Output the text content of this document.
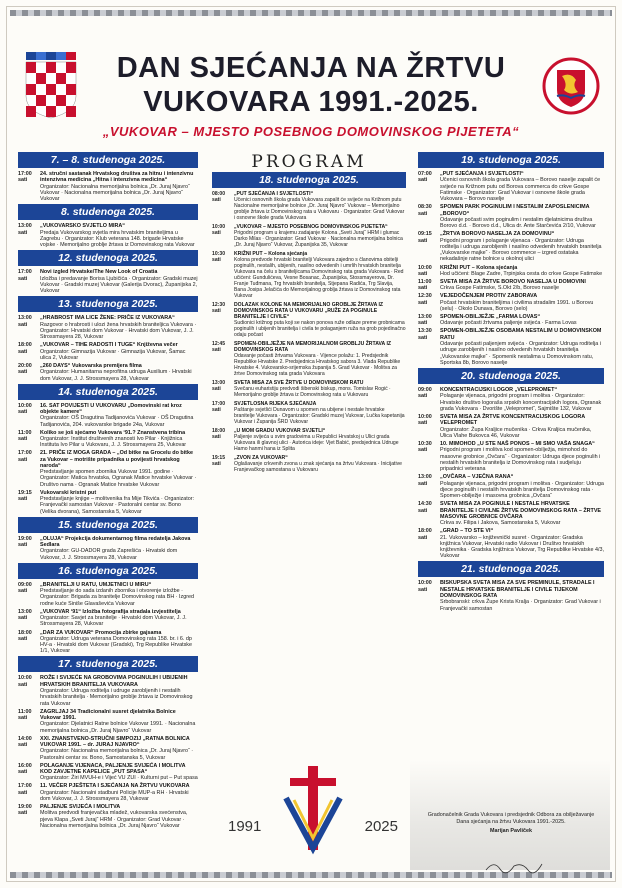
DAN SJEĆANJA NA ŽRTVU
VUKOVARA 1991.-2025.
„VUKOVAR – MJESTO POSEBNOG DOMOVINSKOG PIJETETA“
7. – 8. studenoga 2025.
17:00 sati
24. stručni sastanak Hrvatskog društva za hitnu i intenzivnu intenzivna medicina „Hitna i intenzivna medicina“
Organizator: Nacionalna memorijalna bolnica „Dr. Juraj Njavro“ Vukovar · Nacionalna memorijalna bolnica „Dr. Juraj Njavro“ Vukovar
8. studenoga 2025.
13:00 sati
„VUKOVARSKO SVJETLO MIRA“
Predaja Vukovarskog svjetla mira hrvatskim braniteljima u Zagrebu · Organizator: Klub veterana 148. brigade Hrvatske vojske · Memorijalno groblje žrtava iz Domovinskog rata Vukovar
12. studenoga 2025.
17:00 sati
Novi izgled Hrvatske/The New Look of Croatia
Izložba i predavanje Borisa Ljubičića · Organizator: Gradski muzej Vukovar · Gradski muzej Vukovar (Galerija Dvorac), Županijska 2, Vukovar
13. studenoga 2025.
13:00 sati
„HRABROST IMA LICE ŽENE: PRIČE IZ VUKOVARA“
Razgovor o hrabrosti i ulozi žena hrvatskih braniteljica Vukovara · Organizator: Hrvatski dom Vukovar · Hrvatski dom Vukovar, J. J. Strossmayera 28, Vukovar
18:00 sati
„VUKOVAR – TIHE RADOSTI I TUGE“ Književna večer
Organizator: Gimnazija Vukovar · Gimnazija Vukovar, Šamac ulica 2, Vukovar
20:00 sati
„260 DAYS“ Vukovarska premijera filma
Organizator: Humanitarna neprofitna udruga Auxilium · Hrvatski dom Vukovar, J. J. Strossmayera 28, Vukovar
14. studenoga 2025.
10:00 sati
16. SAT POVIJESTI U VUKOVARU „Domovinski rat kroz objekte kamere“
Organizator: OŠ Dragutina Tadijanovića Vukovar · OŠ Dragutina Tadijanovića, 204. vukovarske brigade 24a, Vukovar
11:00 sati
Koliko se još sjećamo Vukovara ‘91.? Znanstvena tribina
Organizator: Institut društvenih znanosti Ivo Pilar · Knjižnica Instituta Ivo Pilar u Vukovaru, J. J. Strossmayera 25, Vukovar
17:00 sati
21. PRIČE IZ MOGA GRADA – „Od bitke na Grocelu do bitke za Vukovar – motrište pripadnika u povijesti hrvatskog naroda“
Predstavljanje spomen zbornika Vukovar 1991. godine · Organizator: Matica hrvatska, Ogranak Matice hrvatske Vukovar · Društvo nama · Ogranak Matice hrvatske Vukovar
19:15 sati
Vukovarski kristni put
Predstavljanje knjige – molitvenika fra Mije Tikvića · Organizator: Franjevački samostan Vukovar · Pastoralni centar sv. Bono (Velika dvorana), Samostanska 5, Vukovar
15. studenoga 2025.
19:00 sati
„OLUJA“ Projekcija dokumentarnog filma redatelja Jakova Sedlara
Organizator: GU-DADOR grada Zaprešića · Hrvatski dom Vukovar, J. J. Strossmayera 28, Vukovar
16. studenoga 2025.
09:00 sati
„BRANITELJI U RATU, UMJETNICI U MIRU“
Predstavljanje do sada izdanih zbornika i otvorenje izložbe · Organizator: Brigada za branitelje Domovinskog rata BH · Izgred rodne kuće Siniše Glavaševića Vukovar
13:00 sati
„VUKOVAR ‘91“ Izložba fotografija stradala izvjestitelja
Organizator: Savjet za branitelje · Hrvatski dom Vukovar, J. J. Strossmayera 28, Vukovar
18:00 sati
„DAR ZA VUKOVAR“ Promocija zbirke gajsama
Organizator: Udruga veterana Domovinskog rata 158. br. i 6. dp HV-a · Hrvatski dom Vukovar (Gradski), Trg Republike Hrvatske 1/1, Vukovar
17. studenoga 2025.
10:00 sati
ROŽE I SVIJEĆE NA GROBOVIMA POGINULIH I UBIJENIH HRVATSKIH BRANITELJA VUKOVARA
Organizator: Udruga roditelja i udruge zarobljenih i nestalih hrvatskih branitelja · Memorijalno groblje žrtava iz Domovinskog rata Vukovar
11:00 sati
ZAGRLJAJ 34 Tradicionalni susret djelatnika Bolnice Vukovar 1991.
Organizator: Djelatnici Ratne bolnice Vukovar 1991. · Nacionalna memorijalna bolnica „Dr. Juraj Njavro“ Vukovar
14:00 sati
XXI. ZNANSTVENO-STRUČNI SIMPOZIJ „RATNA BOLNICA VUKOVAR 1991. – dr. JURAJ NJAVRO“
Organizator: Nacionalna memorijalna bolnica „Dr. Juraj Njavro“ · Pastoralni centar sv. Bono, Samostanska 5, Vukovar
16:00 sati
POLAGANJE VIJENACA, PALJENJE SVIJEĆA I MOLITVA KOD ZAVJETNE KAPELICE „PUT SPASA“
Organizator: Žiri MVUH-e i Vijeć VU ZUI · Kulturni put – Put spasa
17:00 sati
11. VEČER PJEŠTETA I SJEĆANJA NA ŽRTVU VUKOVARA
Organizator: Nacionalni stadbuni Policije MUP-a RH · Hrvatski dom Vukovar, J. J. Strossmayera 28, Vukovar
19:00 sati
PALJENJE SVIJEĆA I MOLITVA
Molitva predvodi franjevačka mladež, vukovarska svećenstva, pjeva Klapa „Sveti Juraj“ HRM · Organizator: Grad Vukovar · Nacionalna memorijalna bolnica „Dr. Juraj Njavro“ Vukovar
PROGRAM
18. studenoga 2025.
08:00 sati
„PUT SJEĆANJA I SVJETLOSTI“
Učenici osnovnih škola grada Vukovara zapalit će svijeće na Križnom putu Nacionalne memorijalne bolnice „Dr. Juraj Njavro“ Vukovar – Memorijalno groblje žrtava iz Domovinskog rata u Vukovaru · Organizator: Grad Vukovar i osnovne škole grada Vukovara
10:00 sati
„VUKOVAR – MJESTO POSEBNOG DOMOVINSKOG PIJETETA“
Prigodni program u krajemu zadajanje Kolona „Sveti Juraj“ HRM i glumac Darko Milas · Organizator: Grad Vukovar · Nacionalna memorijalna bolnica „Dr. Juraj Njavro“ Vukovar, Županijska 35, Vukovar
10:30 sati
KRIŽNI PUT – Kolona sjećanja
Kolona predvode hrvatski branitelji Vukovara zajedno s članovima obitelji poginulih, nestalih, ubijenih, nasilno odvedenih i umrlih hrvatskih branitelja Vukovara na čelu s braniteljicama Domovinskog rata grada Vukovara · Red učićeni: Gundulićeva, Vesne Bosanac, Županijska, Stossmayerova, Dr. Franje Tuđmana, Trg hrvatskih branitelja, Stjepana Radića, Trg Slavija, Bana Josipa Jelačića do Memorijalnog groblja žrtava iz Domovinskog rata Vukovar
12:30 sati
DOLAZAK KOLONE NA MEMORIJALNO GROBLJE ŽRTAVA IZ DOMOVINSKOG RATA U VUKOVARU „RUŽE ZA POGINULE BRANITELJE I CIVILE“
Sudionici križnog puta koji se nakon ponova ruže odlaze preme grobnicama poginulih i ubijenih branitelja i civila te polaganjem ruža na grob pojedinačno odaju počast
12:45 sati
SPOMEN-OBILJEŽJE NA MEMORIJALNOM GROBLJU ŽRTAVA IZ DOMOVINSKOG RATA
Odavanje počasti žrtvama Vukovara · Vijence polažu: 1. Predsjednik Republike Hrvatske 2. Predsjednica Hrvatskog sabora 3. Vlada Republike Hrvatske 4. Vukovarsko-srijemska županija 5. Grad Vukovar · Molitva za žrtve Domovinskog rata grada Vukovara
13:00 sati
SVETA MISA ZA SVE ŽRTVE U DOMOVINSKOM RATU
Svečanu euharistiju predvodi šibenski biskup, mons. Tomislav Rogić · Memorijalno groblje žrtava iz Domovinskog rata u Vukovaru
17:00 sati
SVJETLOSNA RIJEKA SJEĆANJA
Paštanje svjetlići Dunavom u spomen na ubijene i nestale hrvatske branitelje Vukovara · Organizator: Gradski muzej Vukovar, Lučka kapetanija Vukovar i Županija ŠRD Vukovar
18:00 sati
„U MOM GRADU VUKOVAR SVJETLI“
Paljenje svijeća u svim gradovima u Republici Hrvatskoj u Ulici grada Vukovara ili glavnoj ulici · Autorica ideje: Vjet Babić, predsjednica Udruge Hamo hanmi hana iz Splita
19:15 sati
„ZVON ZA VUKOVAR“
Oglašavanje crkvenih zvona u znak sjećanja na žrtvu Vukovara · Inicijative Franjevačkog samostana u Vukovaru
19. studenoga 2025.
07:00 sati
„PUT SJEĆANJA I SVJETLOSTI“
Učenici osnovnih škola grada Vukovara – Borovo naselje zapalit će svijeće na Križnom putu od Borova commerca do crkve Gospe Fatimske · Organizator: Grad Vukovar i osnovne škole grada Vukovara – Borovo naselje
08:30 sati
SPOMEN PARK POGINULIM I NESTALIM ZAPOSLENICIMA „BOROVO“
Odavanje počasti svim poginulim i nestalim djelatnicima društva Borovo d.d. · Borovo d.d., Ulica dr. Ante Starčevića 2/10, Vukovar
09:15 sati
„ŽRTVA BOROVO NASELJA ZA DOMOVINU“
Prigodni program i polaganje vijenaca · Organizator: Udruga roditelja i udruga zarobljenih i nasilno odvedenih hrvatskih branitelja „Vukovarske majke“ · Borovo commerce – izgred ostataka nekadašnje ratne bolnice u okolnoj ulici
10:00 sati
KRIŽNI PUT – Kolona sjećanja
Hod učićeni: Blage Zadre, Trpinjska cesta do crkve Gospe Fatimske
11:00 sati
SVETA MISA ZA ŽRTVE BOROVO NASELJA U DOMOVINI
Crkva Gospe Fatimske, S.Okt 2/b, Borovo naselje
12:30 sati
VEJEDOČENJEM PROTIV ZABORAVA
Počast hrvatskim braniteljima i civilima stradalim 1991. u Borovu (selu) · Okolo Dunava, Borovo (selo)
13:00 sati
SPOMEN-OBILJEŽJE „FARMA LOVAS“
Odavanje počasti žrtvama paljenje svijeća · Farma Lovas
13:30 sati
SPOMEN-OBILJEŽJE OSOBAMA NESTALIM U DOMOVINSKOM RATU
Odavanje počasti paljenjem svijeća · Organizator: Udruga roditelja i udruge zarobljenih i nasilno odvedenih hrvatskih branitelja „Vukovarske majke“ · Spomenik nestalima u Domovinskom ratu, Sportska 8b, Borovo naselje
20. studenoga 2025.
09:00 sati
KONCENTRACIJSKI LOGOR „VELEPROMET“
Polaganje vijenaca, prigodni program i molitva · Organizator: Hrvatsko društvo logoraša srpskih koncentracijskih logora, Ogranak grada Vukovara · Dvorište „Velepromet“, Sajmište 132, Vukovar
10:00 sati
SVETA MISA ZA ŽRTVE KONCENTRACIJSKOG LOGORA VELEPROMET
Organizator: Župa Kraljice mučenika · Crkva Kraljica mučenika, Ulica Vlahe Bukovca 46, Vukovar
10:30 sati
10. MIMOHOD „U STE NAŠ PONOS – MI SMO VAŠA SNAGA“
Prigodni program i molitva kod spomen-obilježja, mimohod do masovne grobnice „Ovčara“ · Organizator: Udruga djece poginulih i nestalih hrvatskih branitelja iz Domovinskog rata i sudjeluju pripadnici veterana
13:00 sati
„OVČARA – VJEČNA RANA“
Polaganje vijenaca, prigodni program i molitva · Organizator: Udruga djece poginulih i nestalih hrvatskih branitelja Domovinskog rata · Spomen-obilježje i masovna grobnica „Ovčara“
14:30 sati
SVETA MISA ZA POGINULE I NESTALE HRVATSKE BRANITELJE I CIVILNE ŽRTVE DOMOVINSKOG RATA – ŽRTVE MASOVNE GROBNICE OVČARA
Crkva sv. Filipa i Jakova, Samostanska 5, Vukovar
18:00 sati
„GRAD – TO STE VI“
21. Vukovarsko – književnički susret · Organizator: Gradska knjižnica Vukovar, Hrvatski radio Vukovar i Društvo hrvatskih književnika · Gradska knjižnica Vukovar, Trg Republike Hrvatske 4/3, Vukovar
21. studenoga 2025.
10:00 sati
BISKUPSKA SVETA MISA ZA SVE PREMINULE, STRADALE I NESTALE HRVATSKE BRANITELJE I CIVILE TIJEKOM DOMOVINSKOG RATA
Srbobranski: crkva Župe Krista Kralja · Organizator: Grad Vukovar i Franjevački samostan
1991	2025
Gradonačelnik Grada Vukovara i predsjednik Odbora za obilježavanje Dana sjećanja na žrtvu Vukovara 1991.-2025.
Marijan Pavliček
